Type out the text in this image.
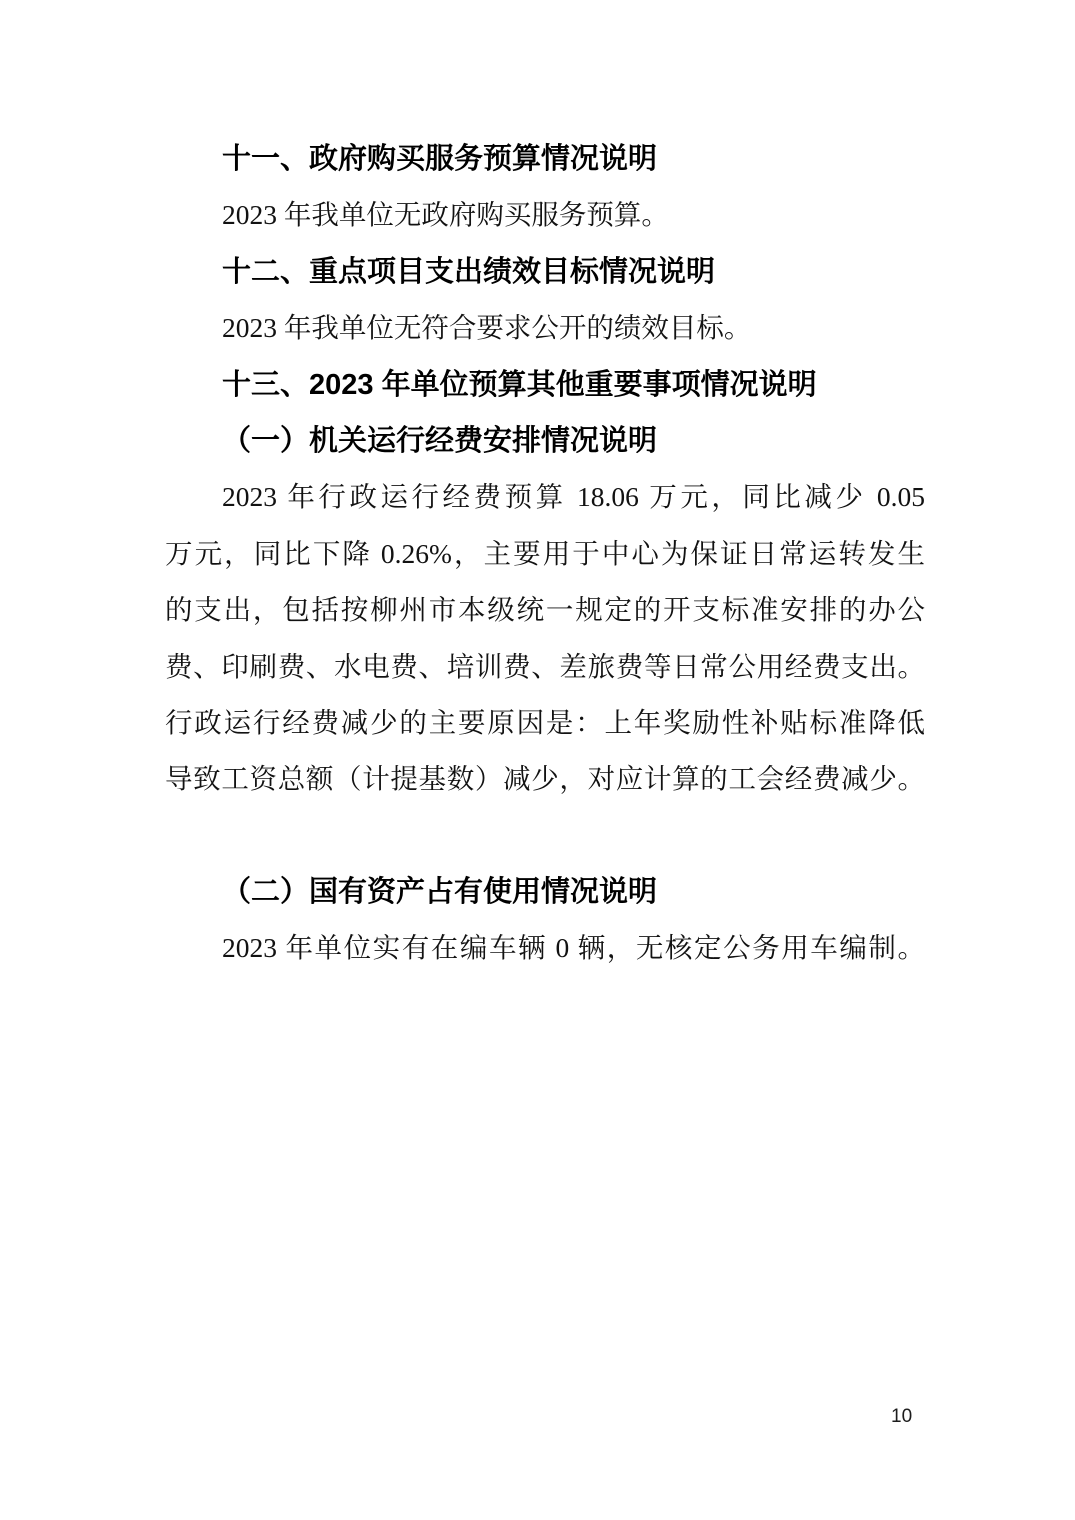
十一、政府购买服务预算情况说明
2023 年我单位无政府购买服务预算。
十二、重点项目支出绩效目标情况说明
2023 年我单位无符合要求公开的绩效目标。
十三、2023 年单位预算其他重要事项情况说明
（一）机关运行经费安排情况说明
2023 年行政运行经费预算 18.06 万元，同比减少 0.05
万元，同比下降 0.26%，主要用于中心为保证日常运转发生
的支出，包括按柳州市本级统一规定的开支标准安排的办公
费、印刷费、水电费、培训费、差旅费等日常公用经费支出。
行政运行经费减少的主要原因是：上年奖励性补贴标准降低
导致工资总额（计提基数）减少，对应计算的工会经费减少。
（二）国有资产占有使用情况说明
2023 年单位实有在编车辆 0 辆，无核定公务用车编制。
10
